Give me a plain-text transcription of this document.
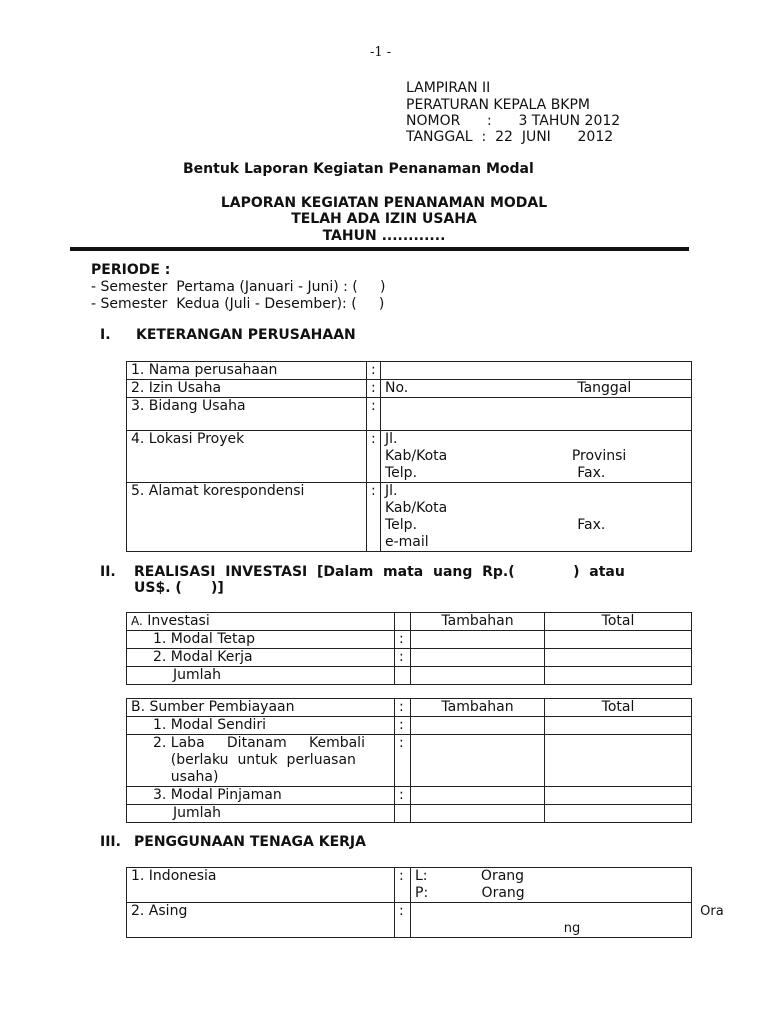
-1 -
LAMPIRAN II
PERATURAN KEPALA BKPM
NOMOR      :      3 TAHUN 2012
TANGGAL  :  22  JUNI      2012
Bentuk Laporan Kegiatan Penanaman Modal
LAPORAN KEGIATAN PENANAMAN MODAL
TELAH ADA IZIN USAHA
TAHUN ............
PERIODE :
- Semester  Pertama (Januari - Juni) : (     )
- Semester  Kedua (Juli - Desember): (     )
I. KETERANGAN PERUSAHAAN
1. Nama perusahaan	:	
2. Izin Usaha	:	No.                                      Tanggal
3. Bidang Usaha	:	
4. Lokasi Proyek	:	Jl.
Kab/Kota                            Provinsi
Telp.                                    Fax.
5. Alamat korespondensi	:	Jl.
Kab/Kota
Telp.                                    Fax.
e-mail
II. REALISASI  INVESTASI  [Dalam  mata  uang  Rp.(            )  atau
US$. (      )]
A. Investasi		Tambahan	Total
1. Modal Tetap	:		
2. Modal Kerja	:		
Jumlah			
B. Sumber Pembiayaan	:	Tambahan	Total
1. Modal Sendiri	:		
2. Laba     Ditanam     Kembali
(berlaku  untuk  perluasan
usaha)	:		
3. Modal Pinjaman	:		
Jumlah			
III. PENGGUNAAN TENAGA KERJA
1. Indonesia	:	L:            Orang
P:            Orang
2. Asing	:	Ora
ng
